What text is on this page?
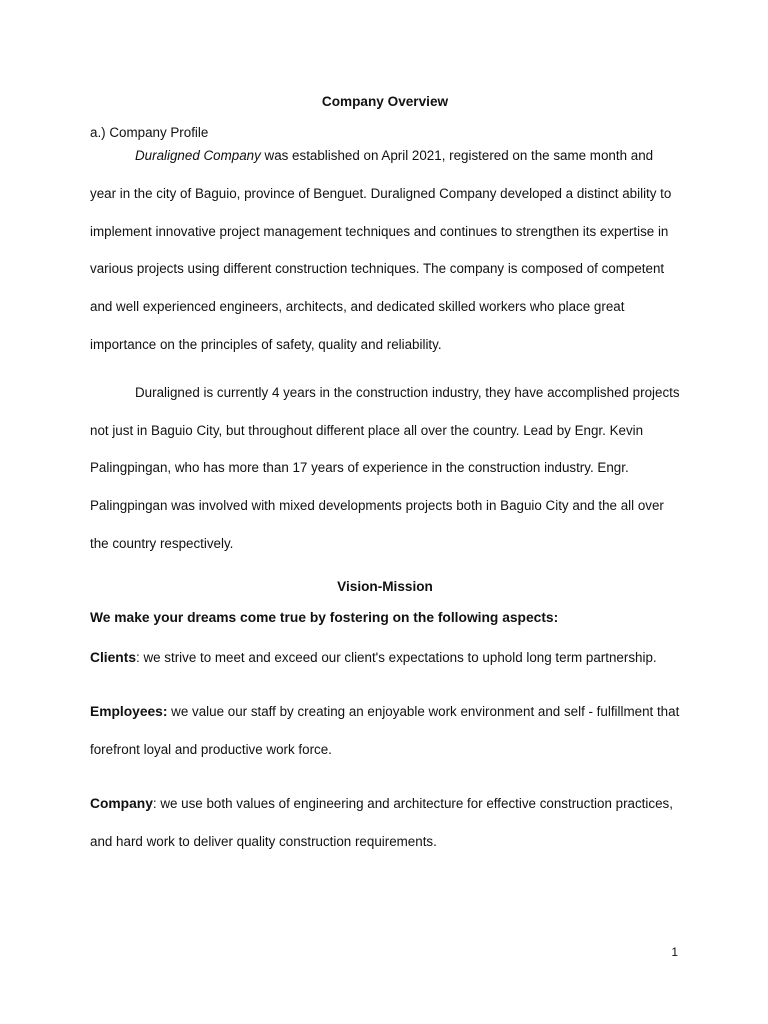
Company Overview

a.) Company Profile

Duraligned Company was established on April 2021, registered on the same month and year in the city of Baguio, province of Benguet. Duraligned Company developed a distinct ability to implement innovative project management techniques and continues to strengthen its expertise in various projects using different construction techniques. The company is composed of competent and well experienced engineers, architects, and dedicated skilled workers who place great importance on the principles of safety, quality and reliability.

Duraligned is currently 4 years in the construction industry, they have accomplished projects not just in Baguio City, but throughout different place all over the country. Lead by Engr. Kevin Palingpingan, who has more than 17 years of experience in the construction industry. Engr. Palingpingan was involved with mixed developments projects both in Baguio City and the all over the country respectively.

Vision-Mission

We make your dreams come true by fostering on the following aspects:

Clients: we strive to meet and exceed our client's expectations to uphold long term partnership.

Employees: we value our staff by creating an enjoyable work environment and self - fulfillment that forefront loyal and productive work force.

Company: we use both values of engineering and architecture for effective construction practices, and hard work to deliver quality construction requirements.

1
